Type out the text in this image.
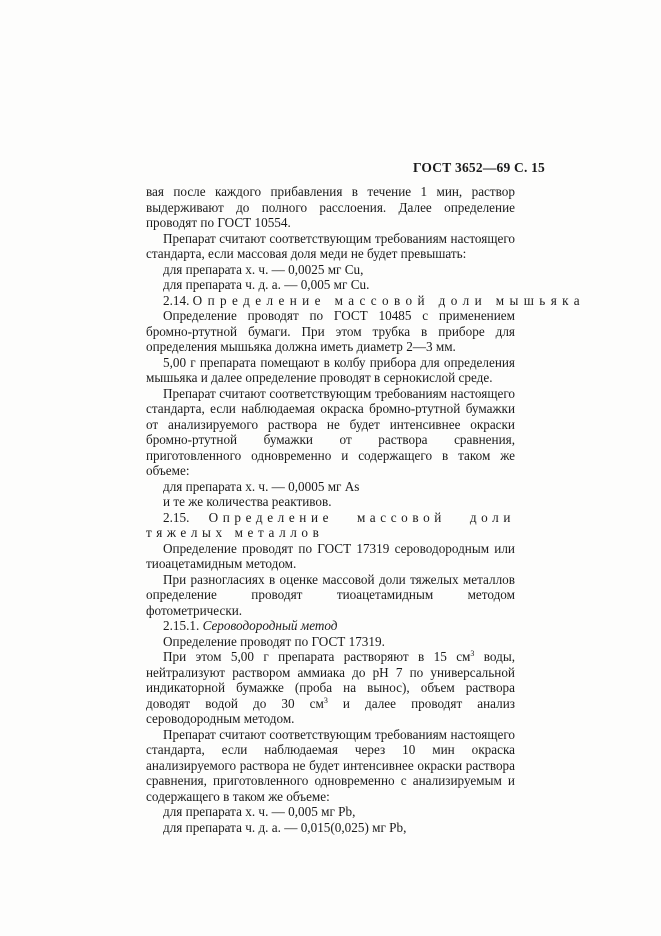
ГОСТ 3652—69 С. 15

вая после каждого прибавления в течение 1 мин, раствор выдерживают до полного расслоения. Далее определение проводят по ГОСТ 10554.

Препарат считают соответствующим требованиям настоящего стандарта, если массовая доля меди не будет превышать:

для препарата х. ч. — 0,0025 мг Cu,

для препарата ч. д. а. — 0,005 мг Cu.

2.14. Определение массовой доли мышьяка

Определение проводят по ГОСТ 10485 с применением бромно-ртутной бумаги. При этом трубка в приборе для определения мышьяка должна иметь диаметр 2—3 мм.

5,00 г препарата помещают в колбу прибора для определения мышьяка и далее определение проводят в сернокислой среде.

Препарат считают соответствующим требованиям настоящего стандарта, если наблюдаемая окраска бромно-ртутной бумажки от анализируемого раствора не будет интенсивнее окраски бромно-ртутной бумажки от раствора сравнения, приготовленного одновременно и содержащего в таком же объеме:

для препарата х. ч. — 0,0005 мг As

и те же количества реактивов.

2.15. Определение массовой доли тяжелых металлов

Определение проводят по ГОСТ 17319 сероводородным или тиоацетамидным методом.

При разногласиях в оценке массовой доли тяжелых металлов определение проводят тиоацетамидным методом фотометрически.

2.15.1. Сероводородный метод

Определение проводят по ГОСТ 17319.

При этом 5,00 г препарата растворяют в 15 $см^3$ воды, нейтрализуют раствором аммиака до pH 7 по универсальной индикаторной бумажке (проба на вынос), объем раствора доводят водой до 30 $см^3$ и далее проводят анализ сероводородным методом.

Препарат считают соответствующим требованиям настоящего стандарта, если наблюдаемая через 10 мин окраска анализируемого раствора не будет интенсивнее окраски раствора сравнения, приготовленного одновременно с анализируемым и содержащего в таком же объеме:

для препарата х. ч. — 0,005 мг Pb,

для препарата ч. д. а. — 0,015(0,025) мг Pb,
